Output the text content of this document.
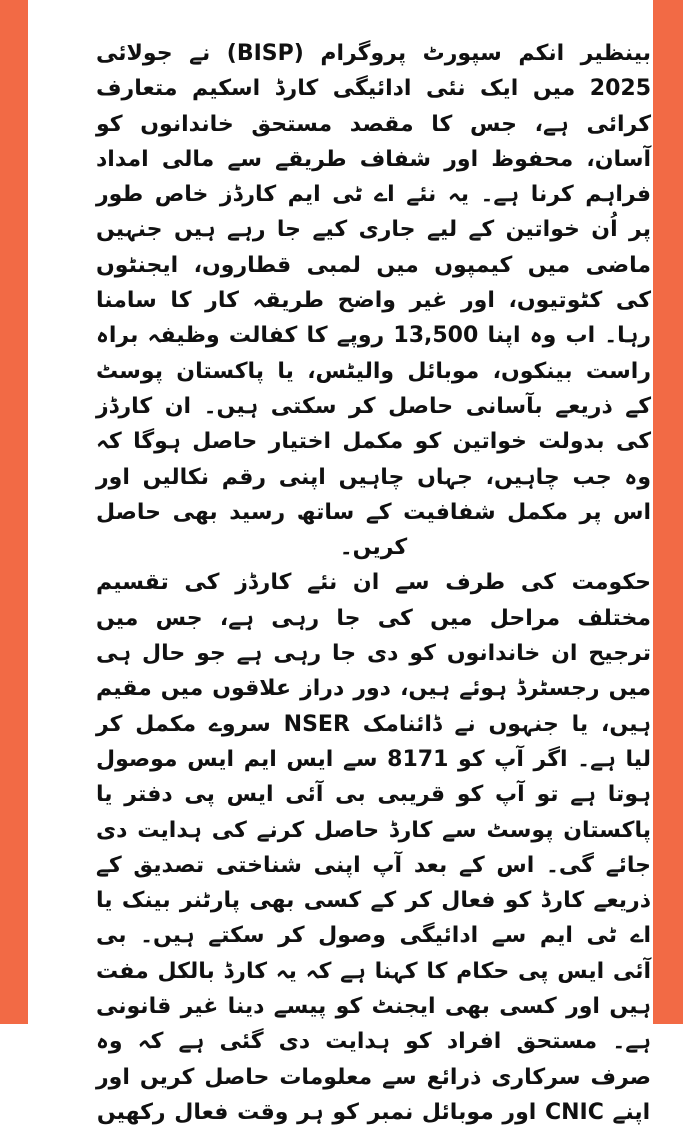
بینظیر انکم سپورٹ پروگرام (BISP) نے جولائی 2025 میں ایک نئی ادائیگی کارڈ اسکیم متعارف کرائی ہے، جس کا مقصد مستحق خاندانوں کو آسان، محفوظ اور شفاف طریقے سے مالی امداد فراہم کرنا ہے۔ یہ نئے اے ٹی ایم کارڈز خاص طور پر اُن خواتین کے لیے جاری کیے جا رہے ہیں جنہیں ماضی میں کیمپوں میں لمبی قطاروں، ایجنٹوں کی کٹوتیوں، اور غیر واضح طریقہ کار کا سامنا رہا۔ اب وہ اپنا 13,500 روپے کا کفالت وظیفہ براہ راست بینکوں، موبائل والیٹس، یا پاکستان پوسٹ کے ذریعے بآسانی حاصل کر سکتی ہیں۔ ان کارڈز کی بدولت خواتین کو مکمل اختیار حاصل ہوگا کہ وہ جب چاہیں، جہاں چاہیں اپنی رقم نکالیں اور اس پر مکمل شفافیت کے ساتھ رسید بھی حاصل کریں۔

حکومت کی طرف سے ان نئے کارڈز کی تقسیم مختلف مراحل میں کی جا رہی ہے، جس میں ترجیح ان خاندانوں کو دی جا رہی ہے جو حال ہی میں رجسٹرڈ ہوئے ہیں، دور دراز علاقوں میں مقیم ہیں، یا جنہوں نے ڈائنامک NSER سروے مکمل کر لیا ہے۔ اگر آپ کو 8171 سے ایس ایم ایس موصول ہوتا ہے تو آپ کو قریبی بی آئی ایس پی دفتر یا پاکستان پوسٹ سے کارڈ حاصل کرنے کی ہدایت دی جائے گی۔ اس کے بعد آپ اپنی شناختی تصدیق کے ذریعے کارڈ کو فعال کر کے کسی بھی پارٹنر بینک یا اے ٹی ایم سے ادائیگی وصول کر سکتے ہیں۔ بی آئی ایس پی حکام کا کہنا ہے کہ یہ کارڈ بالکل مفت ہیں اور کسی بھی ایجنٹ کو پیسے دینا غیر قانونی ہے۔ مستحق افراد کو ہدایت دی گئی ہے کہ وہ صرف سرکاری ذرائع سے معلومات حاصل کریں اور اپنے CNIC اور موبائل نمبر کو ہر وقت فعال رکھیں
